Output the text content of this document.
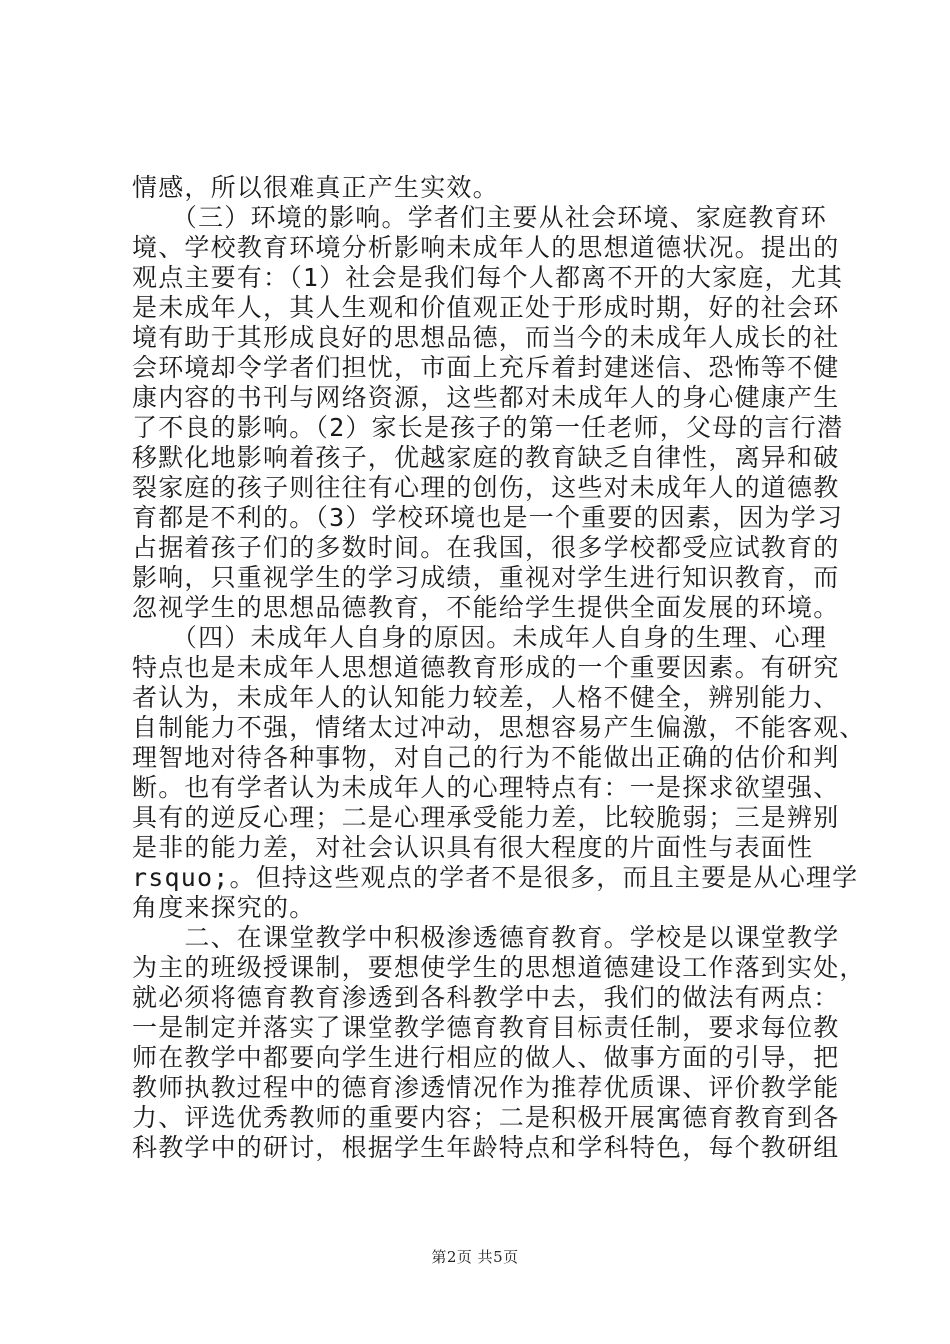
情感，所以很难真正产生实效。
　　（三）环境的影响。学者们主要从社会环境、家庭教育环
境、学校教育环境分析影响未成年人的思想道德状况。提出的
观点主要有：（1）社会是我们每个人都离不开的大家庭，尤其
是未成年人，其人生观和价值观正处于形成时期，好的社会环
境有助于其形成良好的思想品德，而当今的未成年人成长的社
会环境却令学者们担忧，市面上充斥着封建迷信、恐怖等不健
康内容的书刊与网络资源，这些都对未成年人的身心健康产生
了不良的影响。（2）家长是孩子的第一任老师，父母的言行潜
移默化地影响着孩子，优越家庭的教育缺乏自律性，离异和破
裂家庭的孩子则往往有心理的创伤，这些对未成年人的道德教
育都是不利的。（3）学校环境也是一个重要的因素，因为学习
占据着孩子们的多数时间。在我国，很多学校都受应试教育的
影响，只重视学生的学习成绩，重视对学生进行知识教育，而
忽视学生的思想品德教育，不能给学生提供全面发展的环境。
　　（四）未成年人自身的原因。未成年人自身的生理、心理
特点也是未成年人思想道德教育形成的一个重要因素。有研究
者认为，未成年人的认知能力较差，人格不健全，辨别能力、
自制能力不强，情绪太过冲动，思想容易产生偏激，不能客观、
理智地对待各种事物，对自己的行为不能做出正确的估价和判
断。也有学者认为未成年人的心理特点有：一是探求欲望强、
具有的逆反心理；二是心理承受能力差，比较脆弱；三是辨别
是非的能力差，对社会认识具有很大程度的片面性与表面性
rsquo;。但持这些观点的学者不是很多，而且主要是从心理学
角度来探究的。
　　二、在课堂教学中积极渗透德育教育。学校是以课堂教学
为主的班级授课制，要想使学生的思想道德建设工作落到实处，
就必须将德育教育渗透到各科教学中去，我们的做法有两点：
一是制定并落实了课堂教学德育教育目标责任制，要求每位教
师在教学中都要向学生进行相应的做人、做事方面的引导，把
教师执教过程中的德育渗透情况作为推荐优质课、评价教学能
力、评选优秀教师的重要内容；二是积极开展寓德育教育到各
科教学中的研讨，根据学生年龄特点和学科特色，每个教研组
第2页 共5页
